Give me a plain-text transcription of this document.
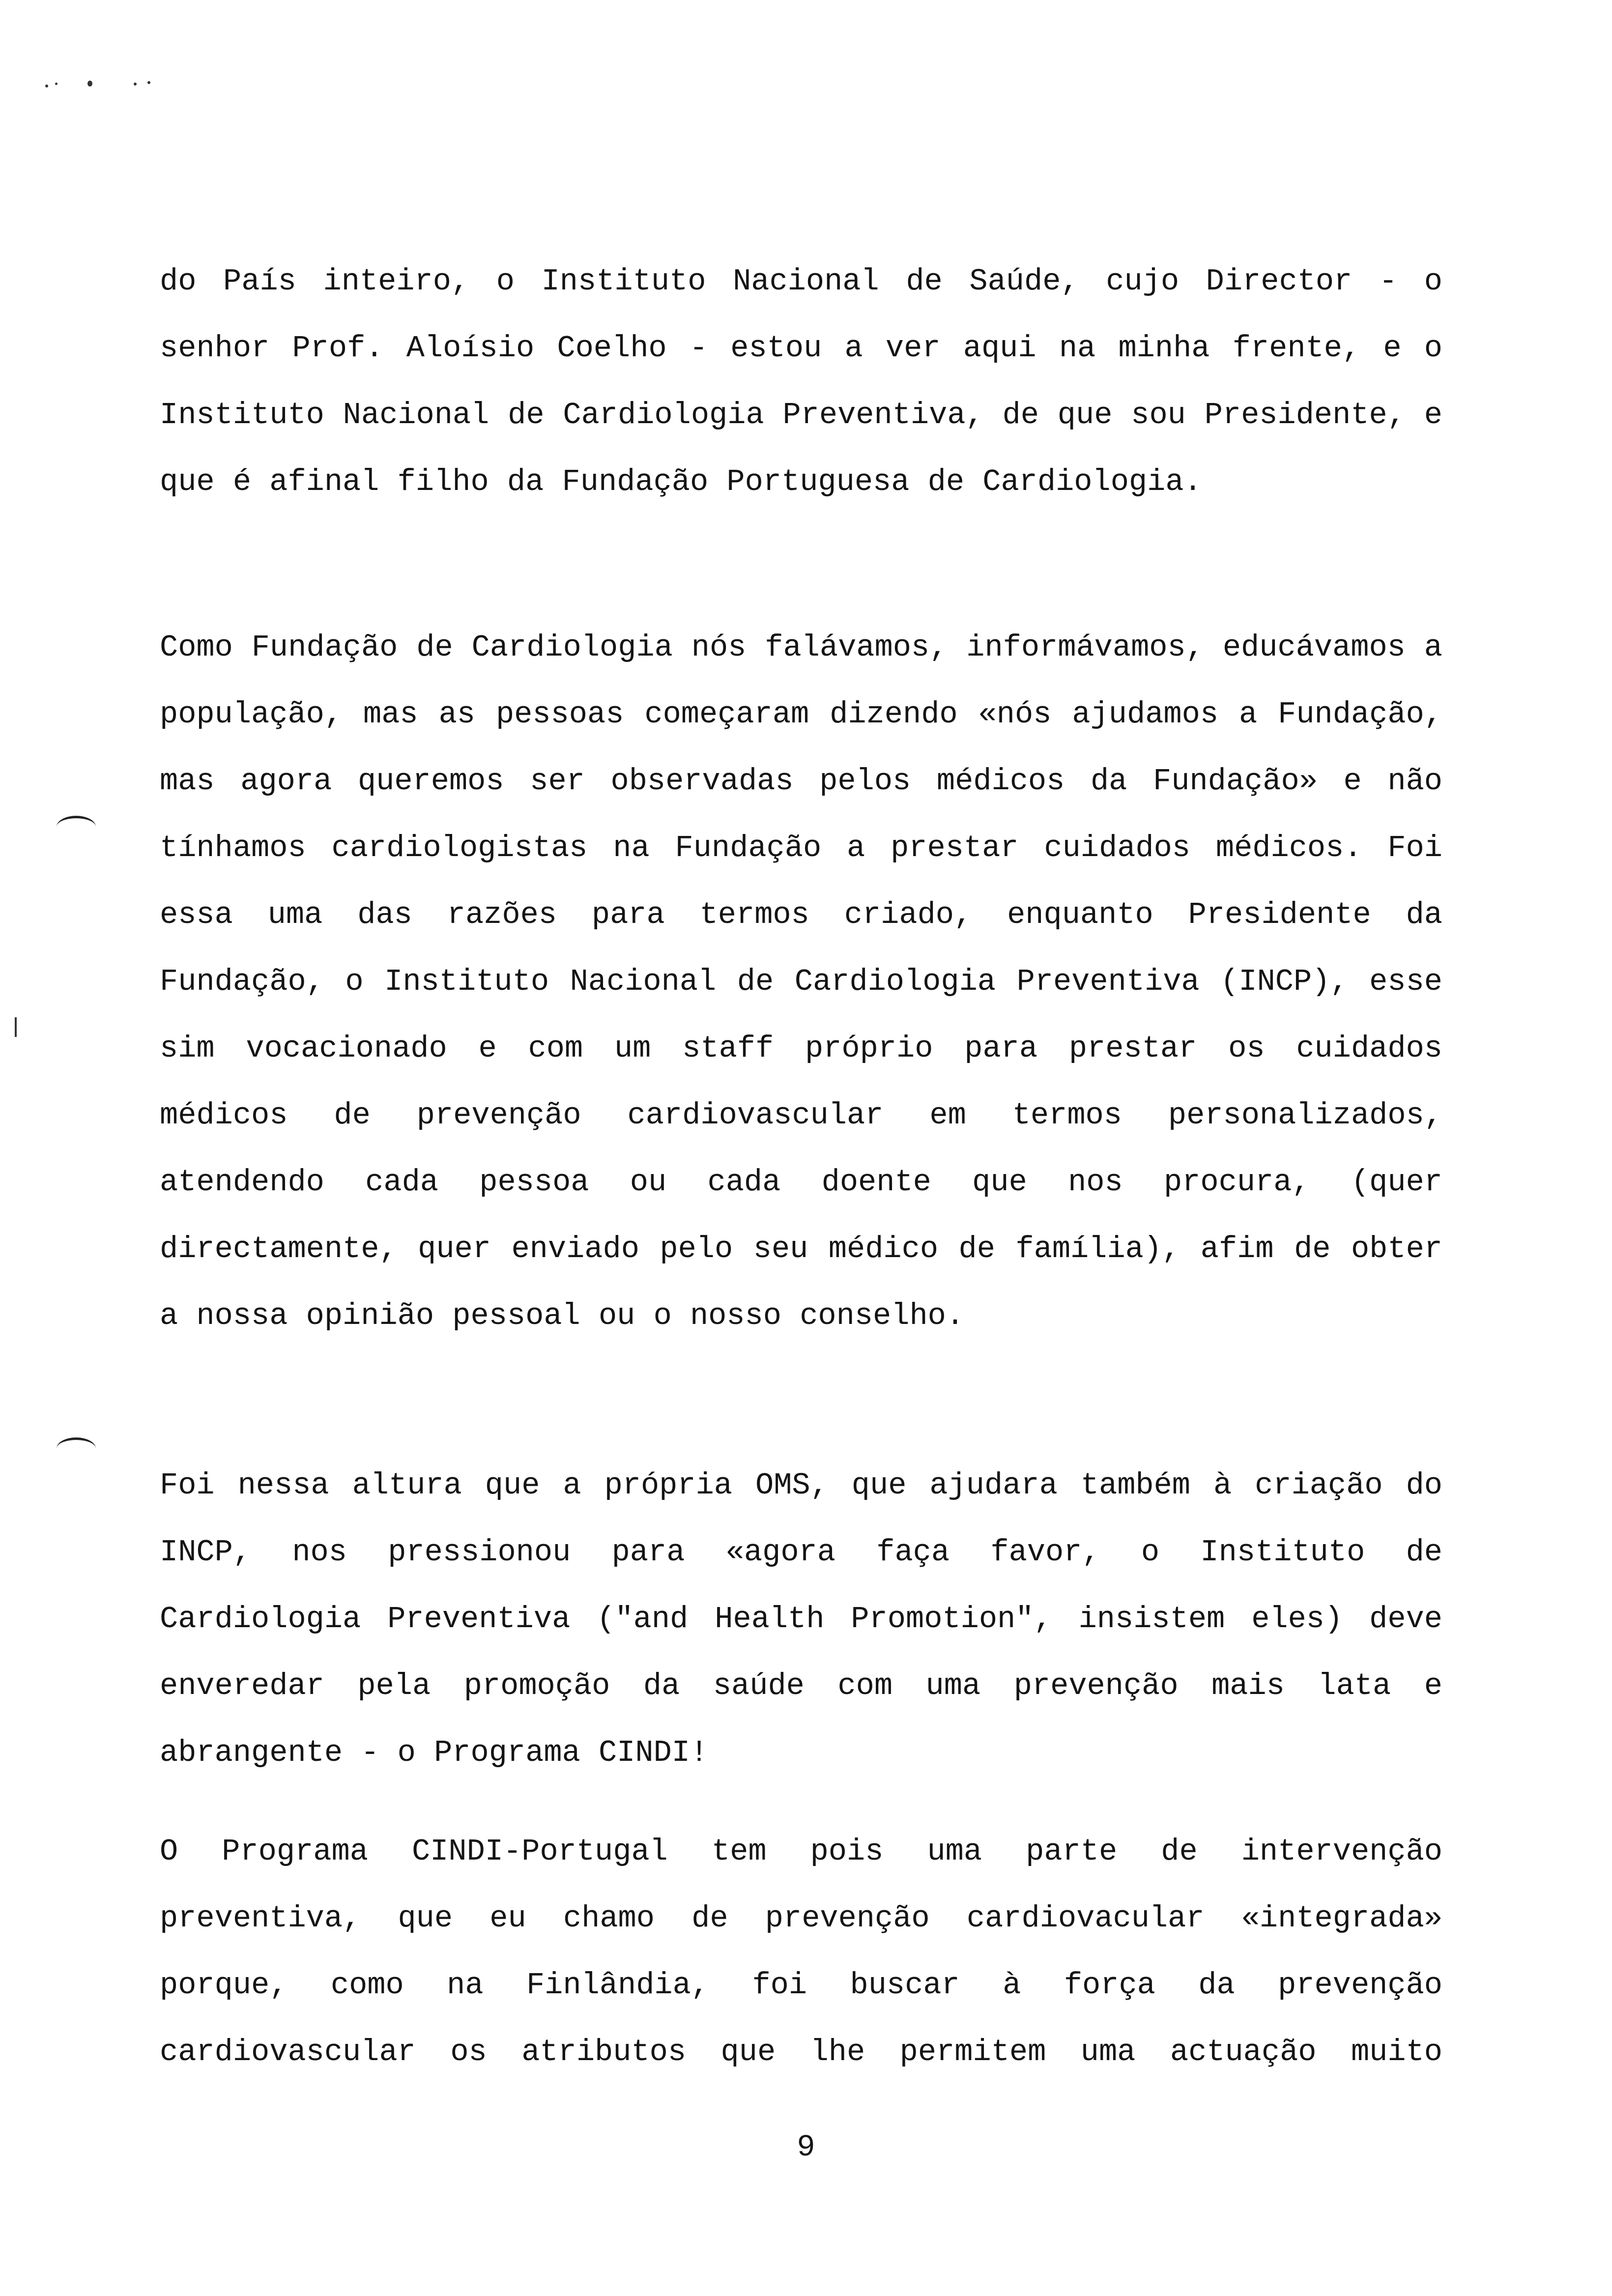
do País inteiro, o Instituto Nacional de Saúde, cujo Director - o senhor Prof. Aloísio Coelho - estou a ver aqui na minha frente, e o Instituto Nacional de Cardiologia Preventiva, de que sou Presidente, e que é afinal filho da Fundação Portuguesa de Cardiologia.

Como Fundação de Cardiologia nós falávamos, informávamos, educávamos a população, mas as pessoas começaram dizendo «nós ajudamos a Fundação, mas agora queremos ser observadas pelos médicos da Fundação» e não tínhamos cardiologistas na Fundação a prestar cuidados médicos. Foi essa uma das razões para termos criado, enquanto Presidente da Fundação, o Instituto Nacional de Cardiologia Preventiva (INCP), esse sim vocacionado e com um staff próprio para prestar os cuidados médicos de prevenção cardiovascular em termos personalizados, atendendo cada pessoa ou cada doente que nos procura, (quer directamente, quer enviado pelo seu médico de família), afim de obter a nossa opinião pessoal ou o nosso conselho.

Foi nessa altura que a própria OMS, que ajudara também à criação do INCP, nos pressionou para «agora faça favor, o Instituto de Cardiologia Preventiva ("and Health Promotion", insistem eles) deve enveredar pela promoção da saúde com uma prevenção mais lata e abrangente - o Programa CINDI!

O Programa CINDI-Portugal tem pois uma parte de intervenção preventiva, que eu chamo de prevenção cardiovacular «integrada» porque, como na Finlândia, foi buscar à força da prevenção cardiovascular os atributos que lhe permitem uma actuação muito

9
